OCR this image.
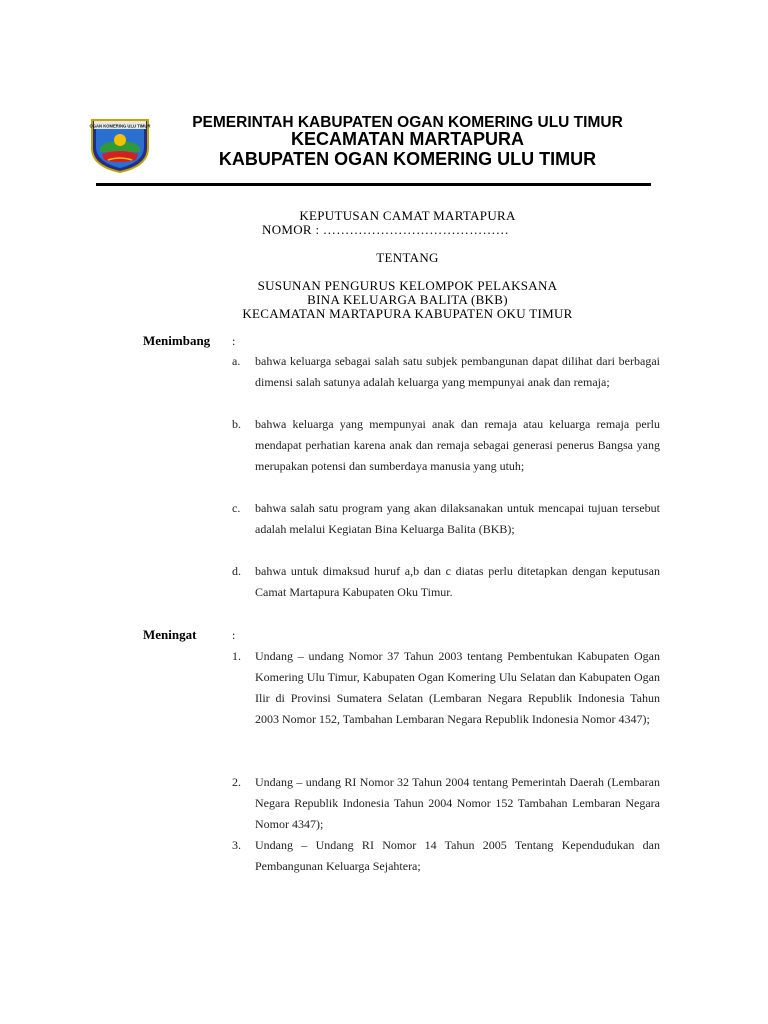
OGAN KOMERING ULU TIMUR	PEMERINTAH KABUPATEN OGAN KOMERING ULU TIMUR
KECAMATAN MARTAPURA
KABUPATEN OGAN KOMERING ULU TIMUR
KEPUTUSAN CAMAT MARTAPURA
NOMOR : ……………………………………
TENTANG
SUSUNAN PENGURUS KELOMPOK PELAKSANA
BINA KELUARGA BALITA (BKB)
KECAMATAN MARTAPURA KABUPATEN OKU TIMUR
Menimbang :
a. bahwa keluarga sebagai salah satu subjek pembangunan dapat dilihat dari berbagai dimensi salah satunya adalah keluarga yang mempunyai anak dan remaja;
b. bahwa keluarga yang mempunyai anak dan remaja atau keluarga remaja perlu mendapat perhatian karena anak dan remaja sebagai generasi penerus Bangsa yang merupakan potensi dan sumberdaya manusia yang utuh;
c. bahwa salah satu program yang akan dilaksanakan untuk mencapai tujuan tersebut adalah melalui Kegiatan Bina Keluarga Balita (BKB);
d. bahwa untuk dimaksud huruf a,b dan c diatas perlu ditetapkan dengan keputusan Camat Martapura Kabupaten Oku Timur.
Meningat	:
1. Undang – undang Nomor 37 Tahun 2003 tentang Pembentukan Kabupaten Ogan Komering Ulu Timur, Kabupaten Ogan Komering Ulu Selatan dan Kabupaten Ogan Ilir di Provinsi Sumatera Selatan (Lembaran Negara Republik Indonesia Tahun 2003 Nomor 152, Tambahan Lembaran Negara Republik Indonesia Nomor 4347);
2. Undang – undang RI Nomor 32 Tahun 2004 tentang Pemerintah Daerah (Lembaran Negara Republik Indonesia Tahun 2004 Nomor 152 Tambahan Lembaran Negara Nomor 4347);
3. Undang – Undang RI Nomor 14 Tahun 2005 Tentang Kependudukan dan Pembangunan Keluarga Sejahtera;
